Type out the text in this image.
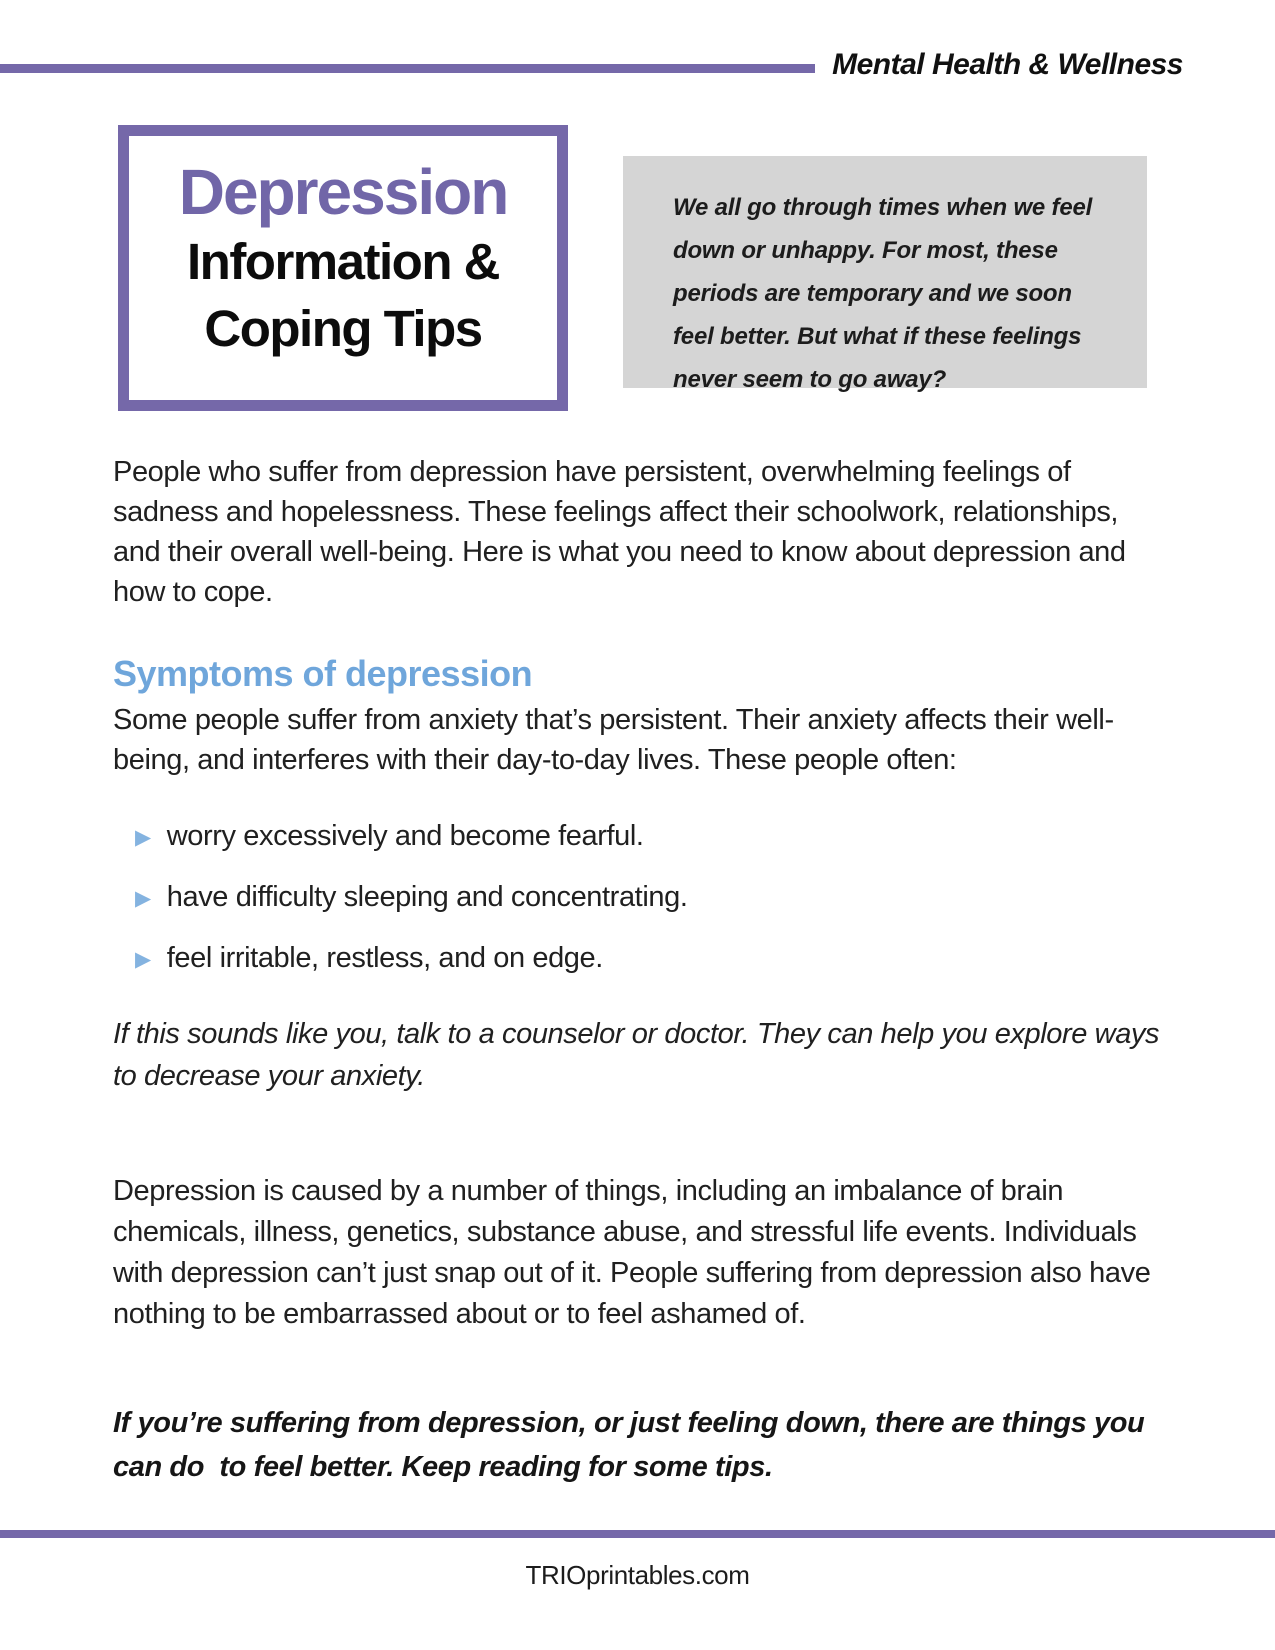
Mental Health & Wellness
Depression
Information &
Coping Tips

We all go through times when we feel down or unhappy. For most, these periods are temporary and we soon feel better. But what if these feelings never seem to go away?

People who suffer from depression have persistent, overwhelming feelings of sadness and hopelessness. These feelings affect their schoolwork, relationships, and their overall well-being. Here is what you need to know about depression and how to cope.

Symptoms of depression

Some people suffer from anxiety that’s persistent. Their anxiety affects their well-being, and interferes with their day-to-day lives. These people often:

▶ worry excessively and become fearful.
▶ have difficulty sleeping and concentrating.
▶ feel irritable, restless, and on edge.

If this sounds like you, talk to a counselor or doctor. They can help you explore ways to decrease your anxiety.

Depression is caused by a number of things, including an imbalance of brain chemicals, illness, genetics, substance abuse, and stressful life events. Individuals with depression can’t just snap out of it. People suffering from depression also have nothing to be embarrassed about or to feel ashamed of.

If you’re suffering from depression, or just feeling down, there are things you  can do  to feel better. Keep reading for some tips.

TRIOprintables.com
